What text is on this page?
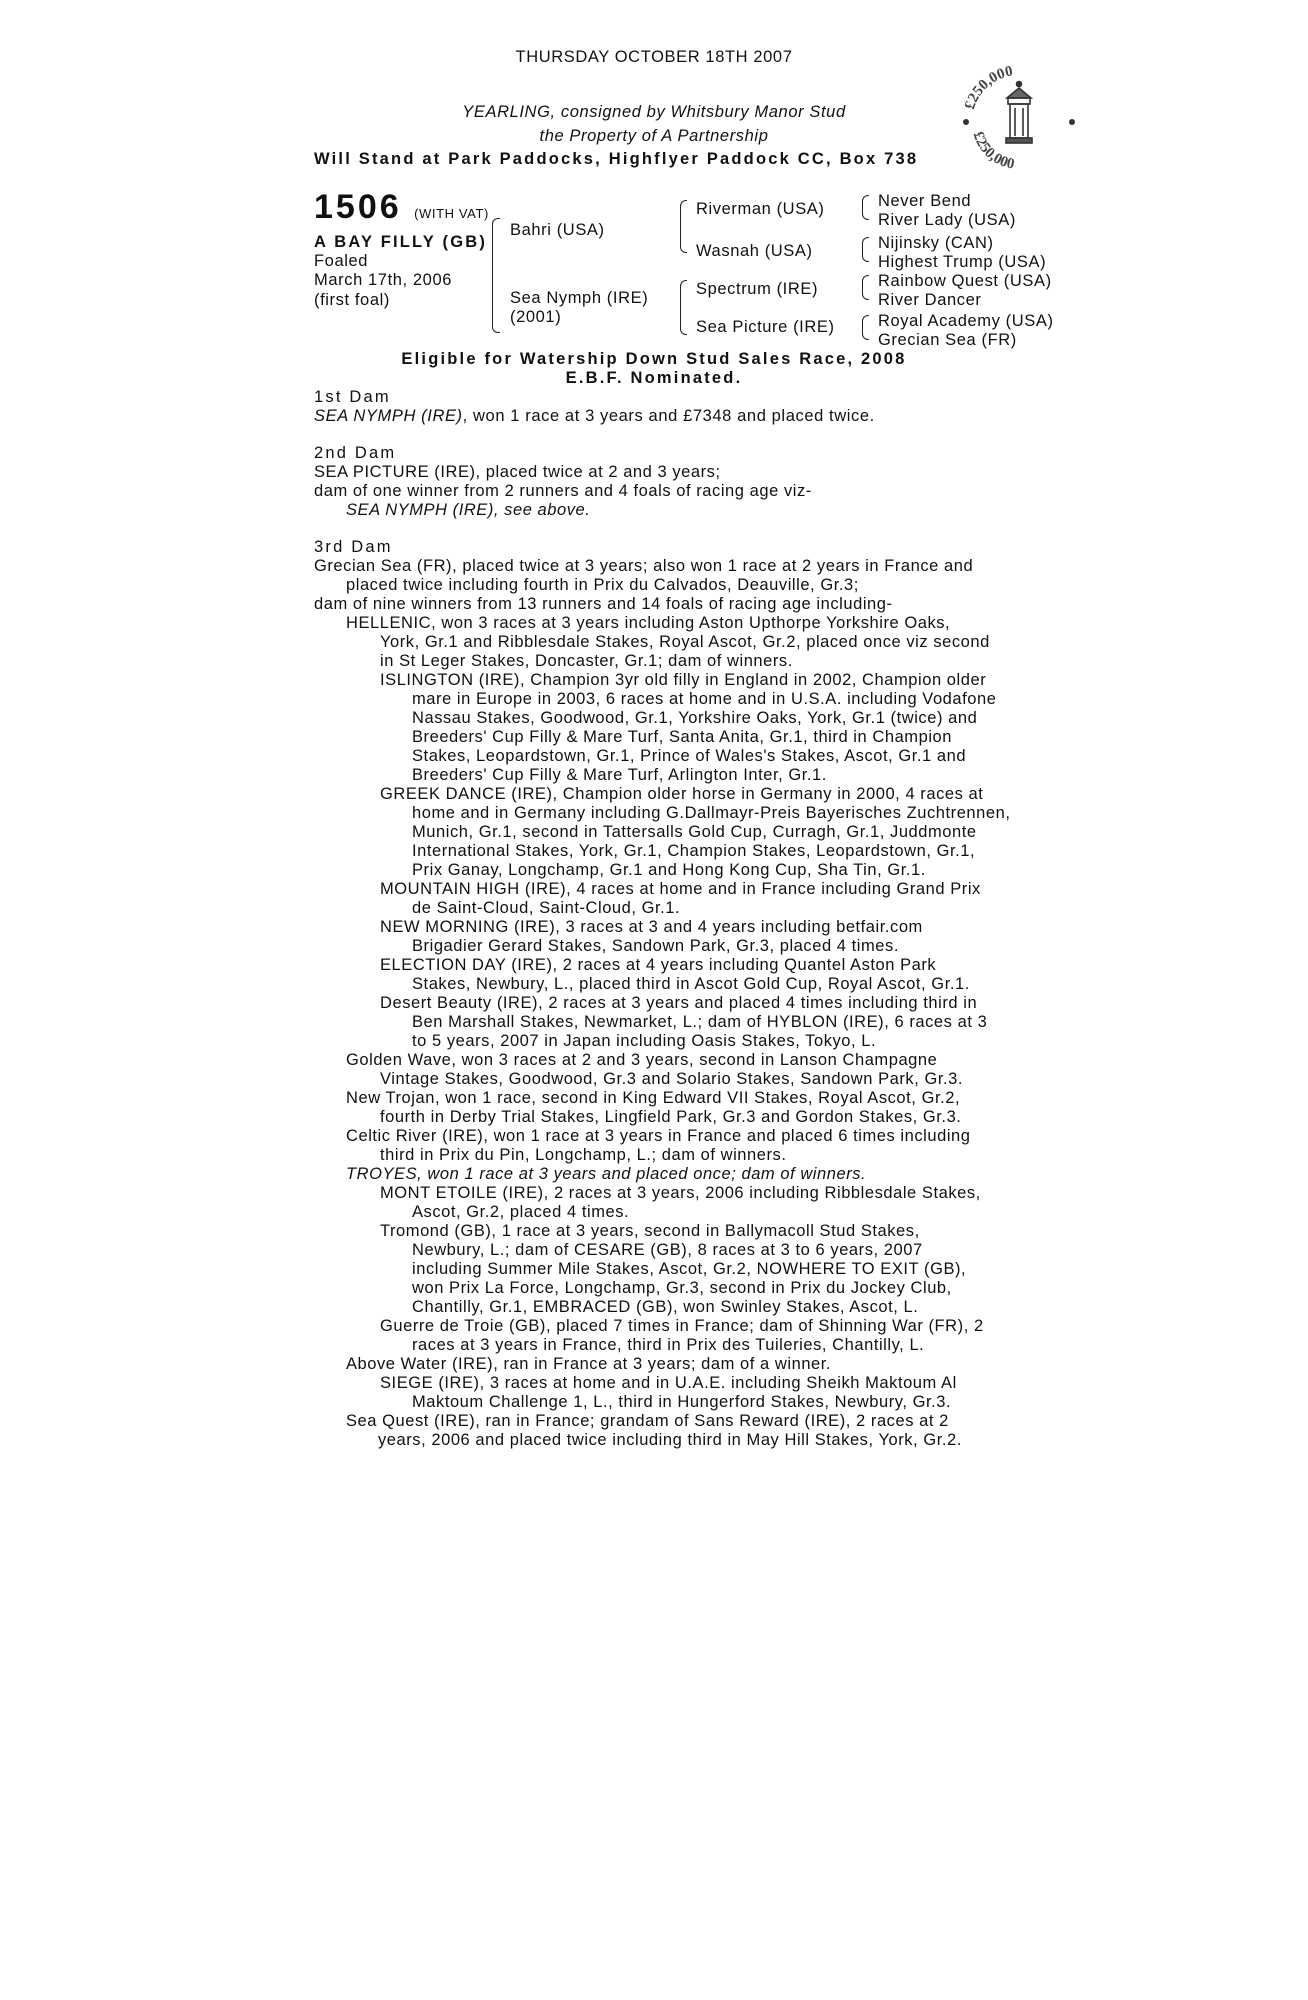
THURSDAY OCTOBER 18TH 2007
YEARLING, consigned by Whitsbury Manor Stud
the Property of A Partnership
Will Stand at Park Paddocks, Highflyer Paddock CC, Box 738
£250,000
£250,000
1506 (WITH VAT)
A BAY FILLY (GB)
Foaled
March 17th, 2006
(first foal)
Bahri (USA)
Sea Nymph (IRE)
(2001)
Riverman (USA)
Wasnah (USA)
Spectrum (IRE)
Sea Picture (IRE)
Never Bend
River Lady (USA)
Nijinsky (CAN)
Highest Trump (USA)
Rainbow Quest (USA)
River Dancer
Royal Academy (USA)
Grecian Sea (FR)
Eligible for Watership Down Stud Sales Race, 2008
E.B.F. Nominated.
1st Dam
SEA NYMPH (IRE), won 1 race at 3 years and £7348 and placed twice.
2nd Dam
SEA PICTURE (IRE), placed twice at 2 and 3 years;
dam of one winner from 2 runners and 4 foals of racing age viz-
SEA NYMPH (IRE), see above.
3rd Dam
Grecian Sea (FR), placed twice at 3 years; also won 1 race at 2 years in France and
placed twice including fourth in Prix du Calvados, Deauville, Gr.3;
dam of nine winners from 13 runners and 14 foals of racing age including-
HELLENIC, won 3 races at 3 years including Aston Upthorpe Yorkshire Oaks,
York, Gr.1 and Ribblesdale Stakes, Royal Ascot, Gr.2, placed once viz second
in St Leger Stakes, Doncaster, Gr.1; dam of winners.
ISLINGTON (IRE), Champion 3yr old filly in England in 2002, Champion older
mare in Europe in 2003, 6 races at home and in U.S.A. including Vodafone
Nassau Stakes, Goodwood, Gr.1, Yorkshire Oaks, York, Gr.1 (twice) and
Breeders' Cup Filly & Mare Turf, Santa Anita, Gr.1, third in Champion
Stakes, Leopardstown, Gr.1, Prince of Wales's Stakes, Ascot, Gr.1 and
Breeders' Cup Filly & Mare Turf, Arlington Inter, Gr.1.
GREEK DANCE (IRE), Champion older horse in Germany in 2000, 4 races at
home and in Germany including G.Dallmayr-Preis Bayerisches Zuchtrennen,
Munich, Gr.1, second in Tattersalls Gold Cup, Curragh, Gr.1, Juddmonte
International Stakes, York, Gr.1, Champion Stakes, Leopardstown, Gr.1,
Prix Ganay, Longchamp, Gr.1 and Hong Kong Cup, Sha Tin, Gr.1.
MOUNTAIN HIGH (IRE), 4 races at home and in France including Grand Prix
de Saint-Cloud, Saint-Cloud, Gr.1.
NEW MORNING (IRE), 3 races at 3 and 4 years including betfair.com
Brigadier Gerard Stakes, Sandown Park, Gr.3, placed 4 times.
ELECTION DAY (IRE), 2 races at 4 years including Quantel Aston Park
Stakes, Newbury, L., placed third in Ascot Gold Cup, Royal Ascot, Gr.1.
Desert Beauty (IRE), 2 races at 3 years and placed 4 times including third in
Ben Marshall Stakes, Newmarket, L.; dam of HYBLON (IRE), 6 races at 3
to 5 years, 2007 in Japan including Oasis Stakes, Tokyo, L.
Golden Wave, won 3 races at 2 and 3 years, second in Lanson Champagne
Vintage Stakes, Goodwood, Gr.3 and Solario Stakes, Sandown Park, Gr.3.
New Trojan, won 1 race, second in King Edward VII Stakes, Royal Ascot, Gr.2,
fourth in Derby Trial Stakes, Lingfield Park, Gr.3 and Gordon Stakes, Gr.3.
Celtic River (IRE), won 1 race at 3 years in France and placed 6 times including
third in Prix du Pin, Longchamp, L.; dam of winners.
TROYES, won 1 race at 3 years and placed once; dam of winners.
MONT ETOILE (IRE), 2 races at 3 years, 2006 including Ribblesdale Stakes,
Ascot, Gr.2, placed 4 times.
Tromond (GB), 1 race at 3 years, second in Ballymacoll Stud Stakes,
Newbury, L.; dam of CESARE (GB), 8 races at 3 to 6 years, 2007
including Summer Mile Stakes, Ascot, Gr.2, NOWHERE TO EXIT (GB),
won Prix La Force, Longchamp, Gr.3, second in Prix du Jockey Club,
Chantilly, Gr.1, EMBRACED (GB), won Swinley Stakes, Ascot, L.
Guerre de Troie (GB), placed 7 times in France; dam of Shinning War (FR), 2
races at 3 years in France, third in Prix des Tuileries, Chantilly, L.
Above Water (IRE), ran in France at 3 years; dam of a winner.
SIEGE (IRE), 3 races at home and in U.A.E. including Sheikh Maktoum Al
Maktoum Challenge 1, L., third in Hungerford Stakes, Newbury, Gr.3.
Sea Quest (IRE), ran in France; grandam of Sans Reward (IRE), 2 races at 2
years, 2006 and placed twice including third in May Hill Stakes, York, Gr.2.
